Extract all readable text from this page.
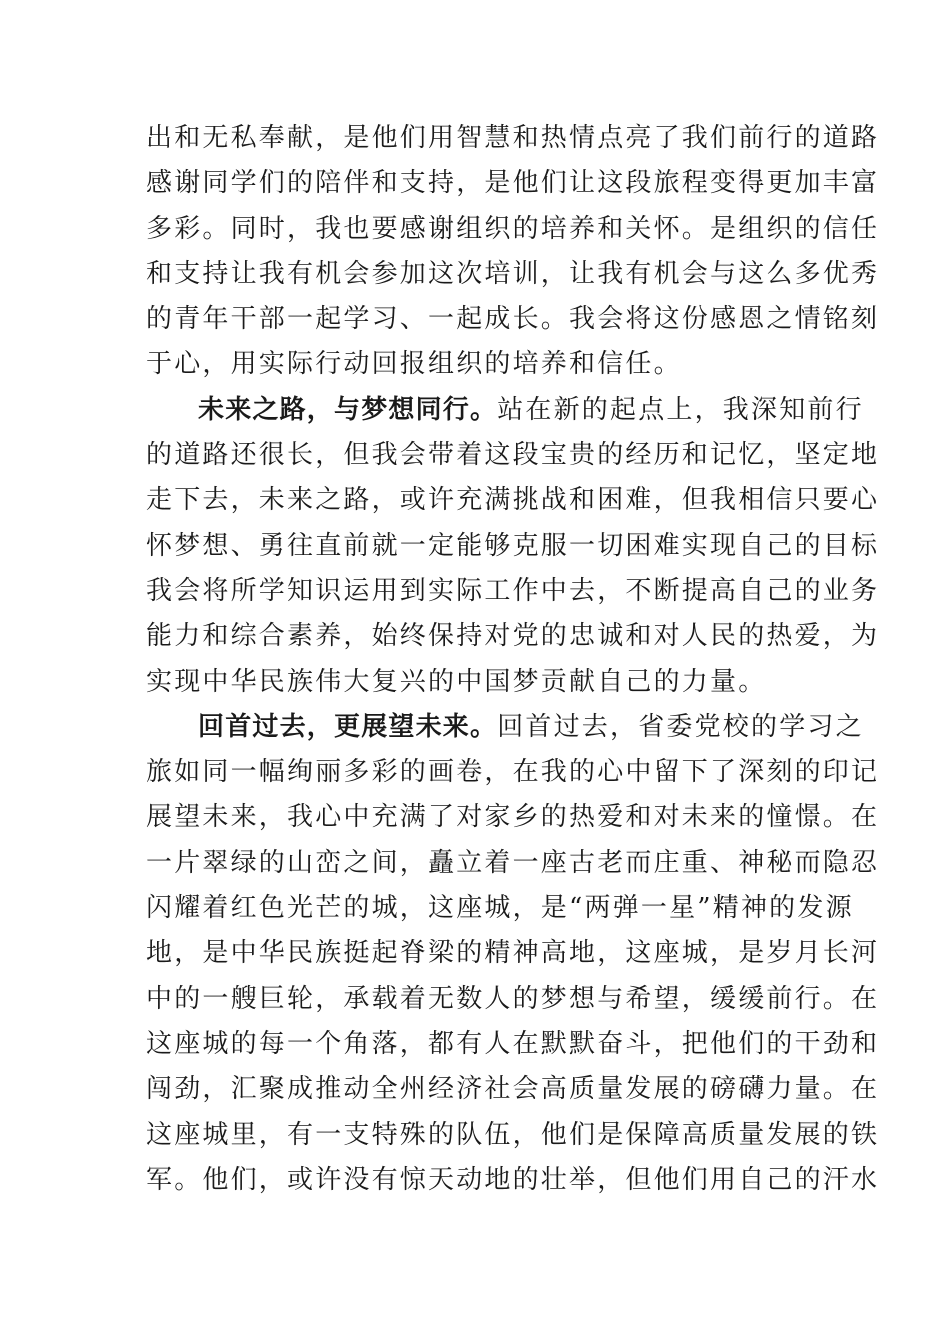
出和无私奉献，是他们用智慧和热情点亮了我们前行的道路
感谢同学们的陪伴和支持，是他们让这段旅程变得更加丰富
多彩。同时，我也要感谢组织的培养和关怀。是组织的信任
和支持让我有机会参加这次培训，让我有机会与这么多优秀
的青年干部一起学习、一起成长。我会将这份感恩之情铭刻
于心，用实际行动回报组织的培养和信任。
未来之路，与梦想同行。站在新的起点上，我深知前行
的道路还很长，但我会带着这段宝贵的经历和记忆，坚定地
走下去，未来之路，或许充满挑战和困难，但我相信只要心
怀梦想、勇往直前就一定能够克服一切困难实现自己的目标
我会将所学知识运用到实际工作中去，不断提高自己的业务
能力和综合素养，始终保持对党的忠诚和对人民的热爱，为
实现中华民族伟大复兴的中国梦贡献自己的力量。
回首过去，更展望未来。回首过去，省委党校的学习之
旅如同一幅绚丽多彩的画卷，在我的心中留下了深刻的印记
展望未来，我心中充满了对家乡的热爱和对未来的憧憬。在
一片翠绿的山峦之间，矗立着一座古老而庄重、神秘而隐忍
闪耀着红色光芒的城，这座城，是“两弹一星”精神的发源
地，是中华民族挺起脊梁的精神高地，这座城，是岁月长河
中的一艘巨轮，承载着无数人的梦想与希望，缓缓前行。在
这座城的每一个角落，都有人在默默奋斗，把他们的干劲和
闯劲，汇聚成推动全州经济社会高质量发展的磅礴力量。在
这座城里，有一支特殊的队伍，他们是保障高质量发展的铁
军。他们，或许没有惊天动地的壮举，但他们用自己的汗水
